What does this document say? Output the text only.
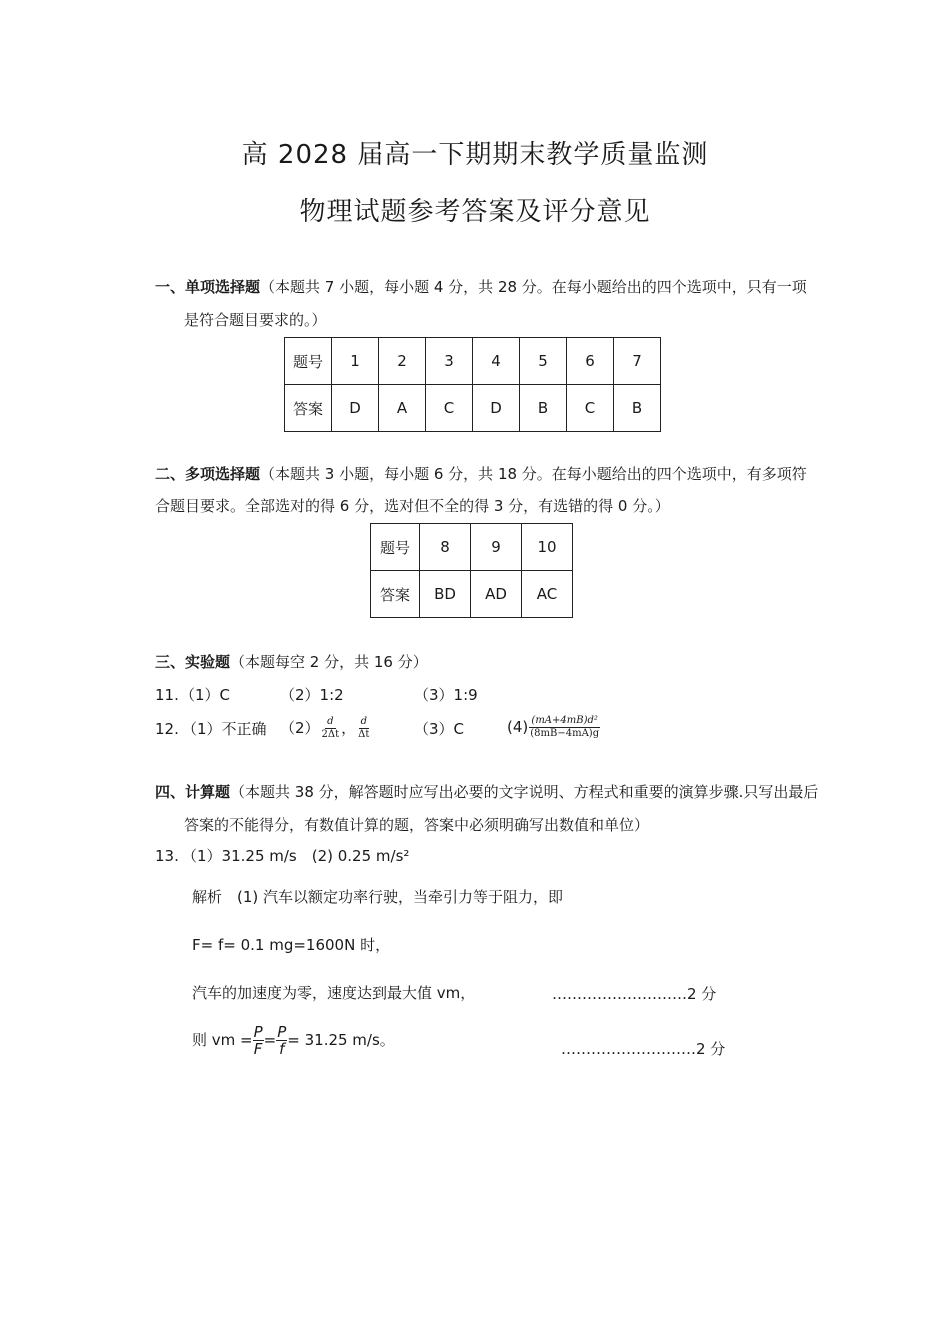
高 2028 届高一下期期末教学质量监测
物理试题参考答案及评分意见
一、单项选择题（本题共 7 小题，每小题 4 分，共 28 分。在每小题给出的四个选项中，只有一项
是符合题目要求的。）
题号	1	2	3	4	5	6	7
答案	D	A	C	D	B	C	B
二、多项选择题（本题共 3 小题，每小题 6 分，共 18 分。在每小题给出的四个选项中，有多项符
合题目要求。全部选对的得 6 分，选对但不全的得 3 分，有选错的得 0 分。）
题号	8	9	10
答案	BD	AD	AC
三、实验题（本题每空 2 分，共 16 分）
11. （1）C	（2）1:2	（3）1:9
12. （1）不正确 $(2) \frac{d}{2\Delta t}$ ， $\frac{d}{\Delta t}$	（3）C	$(4) \frac{\text{(mA+4mB)d²}}{(8mB-4mA)g}$
四、计算题（本题共 38 分，解答题时应写出必要的文字说明、方程式和重要的演算步骤.只写出最后
答案的不能得分，有数值计算的题，答案中必须明确写出数值和单位）
13. （1）31.25 m/s　(2) 0.25 m/s²
解析　(1) 汽车以额定功率行驶，当牵引力等于阻力，即
F= f= 0.1 mg=1600N 时，
汽车的加速度为零，速度达到最大值 vm，	………………………2 分
则 vm = $\frac{P}{F} = \frac{P}{f} = 31.25$ m/s。	………………………2 分
